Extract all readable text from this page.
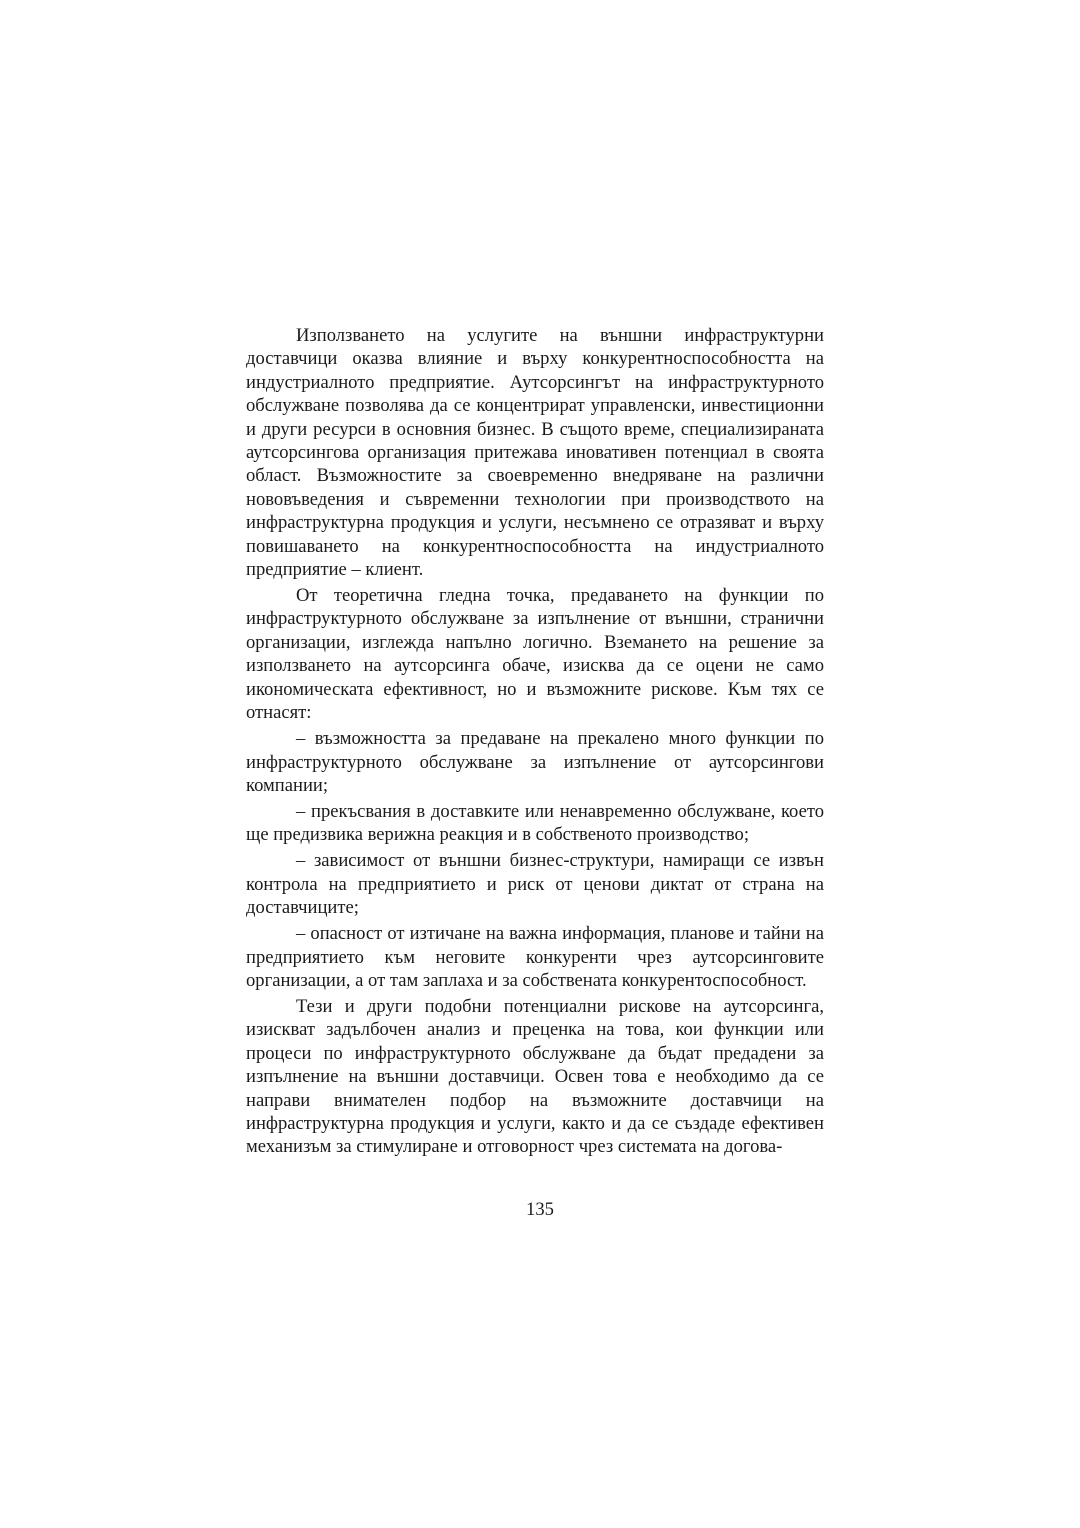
Използването на услугите на външни инфраструктурни доставчици оказва влияние и върху конкурентноспособността на индустриалното предприятие. Аутсорсингът на инфраструктурното обслужване позволява да се концентрират управленски, инвестиционни и други ресурси в основния бизнес. В същото време, специализираната аутсорсингова организация притежава иновативен потенциал в своята област. Възможностите за своевременно внедряване на различни нововъведения и съвременни технологии при производството на инфраструктурна продукция и услуги, несъмнено се отразяват и върху повишаването на конкурентноспособността на индустриалното предприятие – клиент.

От теоретична гледна точка, предаването на функции по инфраструктурното обслужване за изпълнение от външни, странични организации, изглежда напълно логично. Вземането на решение за използването на аутсорсинга обаче, изисква да се оцени не само икономическата ефективност, но и възможните рискове. Към тях се отнасят:

– възможността за предаване на прекалено много функции по инфраструктурното обслужване за изпълнение от аутсорсингови компании;

– прекъсвания в доставките или ненавременно обслужване, което ще предизвика верижна реакция и в собственото производство;

– зависимост от външни бизнес-структури, намиращи се извън контрола на предприятието и риск от ценови диктат от страна на доставчиците;

– опасност от изтичане на важна информация, планове и тайни на предприятието към неговите конкуренти чрез аутсорсинговите организации, а от там заплаха и за собствената конкурентоспособност.

Тези и други подобни потенциални рискове на аутсорсинга, изискват задълбочен анализ и преценка на това, кои функции или процеси по инфраструктурното обслужване да бъдат предадени за изпълнение на външни доставчици. Освен това е необходимо да се направи внимателен подбор на възможните доставчици на инфраструктурна продукция и услуги, както и да се създаде ефективен механизъм за стимулиране и отговорност чрез системата на догова-

135
